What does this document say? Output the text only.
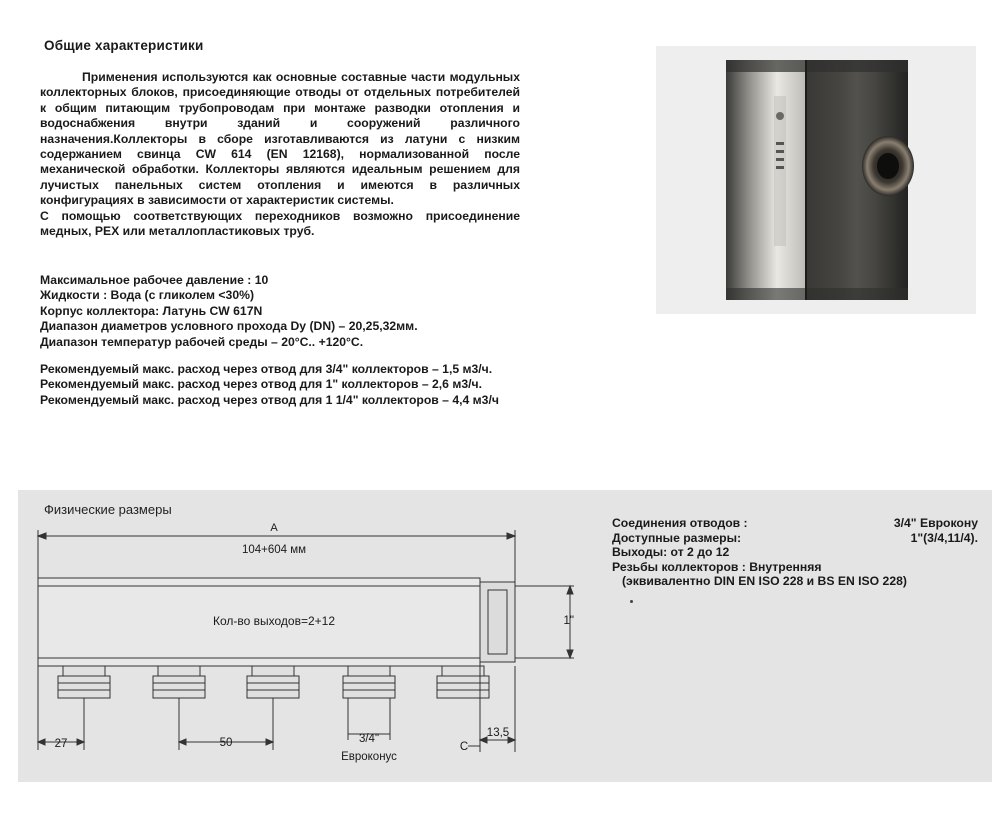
Общие характеристики

Применения используются как основные составные части модульных коллекторных блоков, присоединяющие отводы от отдельных потребителей к общим питающим трубопроводам при монтаже разводки отопления и водоснабжения внутри зданий и сооружений различного назначения.Коллекторы в сборе изготавливаются из латуни с низким содержанием свинца CW 614 (EN 12168), нормализованной после механической обработки. Коллекторы являются идеальным решением для лучистых панельных систем отопления и имеются в различных конфигурациях в зависимости от характеристик системы.

С помощью соответствующих переходников возможно присоединение медных, PEX или металлопластиковых труб.

Максимальное рабочее давление : 10
Жидкости : Вода (с гликолем <30%)
Корпус коллектора: Латунь CW 617N
Диапазон диаметров условного прохода Dy (DN) – 20,25,32мм.
Диапазон температур рабочей среды – 20°С.. +120°С.
Рекомендуемый макс. расход через отвод для 3/4" коллекторов – 1,5 м3/ч.
Рекомендуемый макс. расход через отвод для 1" коллекторов – 2,6 м3/ч.
Рекомендуемый макс. расход через отвод для 1 1/4" коллекторов – 4,4 м3/ч
Физические размеры
A
104+604 мм
Кол-во выходов=2+12	1"
27	50	3/4"
Евроконус
C
13,5
Соединения отводов :	3/4" Еврокону
Доступные размеры:	1"(3/4,11/4).
Выходы: от 2 до 12
Резьбы коллекторов : Внутренняя
(эквивалентно DIN EN ISO 228 и BS EN ISO 228)
